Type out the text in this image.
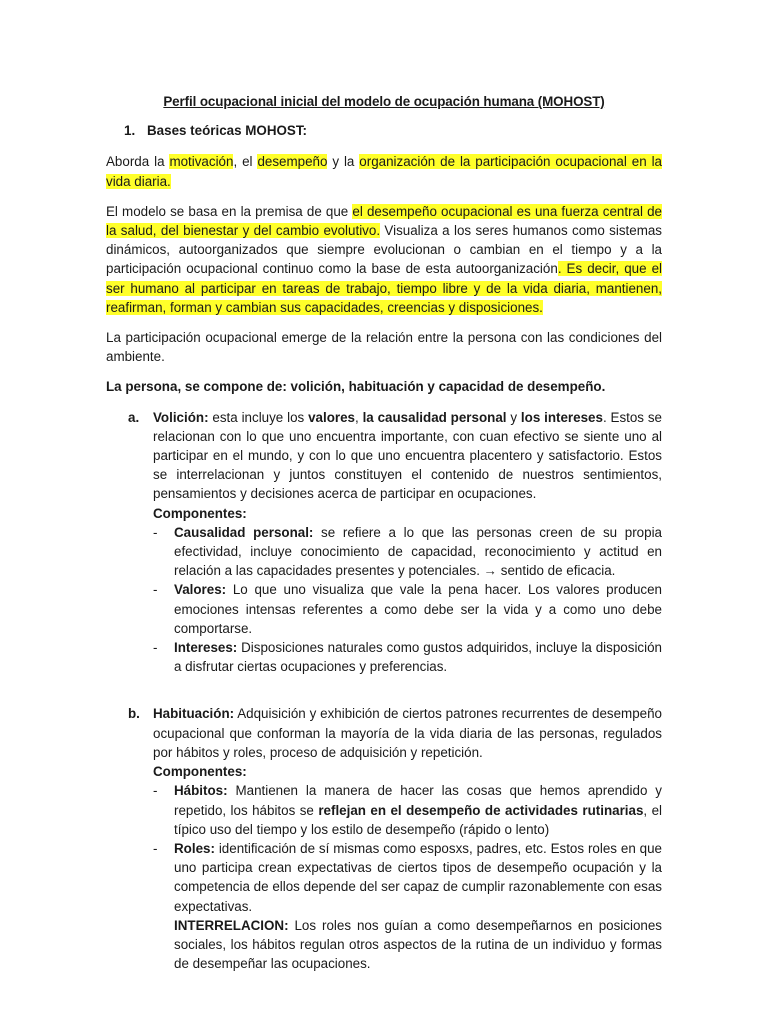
Perfil ocupacional inicial del modelo de ocupación humana (MOHOST)
1. Bases teóricas MOHOST:

Aborda la motivación, el desempeño y la organización de la participación ocupacional en la vida diaria.

El modelo se basa en la premisa de que el desempeño ocupacional es una fuerza central de la salud, del bienestar y del cambio evolutivo. Visualiza a los seres humanos como sistemas dinámicos, autoorganizados que siempre evolucionan o cambian en el tiempo y a la participación ocupacional continuo como la base de esta autoorganización. Es decir, que el ser humano al participar en tareas de trabajo, tiempo libre y de la vida diaria, mantienen, reafirman, forman y cambian sus capacidades, creencias y disposiciones.

La participación ocupacional emerge de la relación entre la persona con las condiciones del ambiente.

La persona, se compone de: volición, habituación y capacidad de desempeño.

a.	Volición: esta incluye los valores, la causalidad personal y los intereses. Estos se relacionan con lo que uno encuentra importante, con cuan efectivo se siente uno al participar en el mundo, y con lo que uno encuentra placentero y satisfactorio. Estos se interrelacionan y juntos constituyen el contenido de nuestros sentimientos, pensamientos y decisiones acerca de participar en ocupaciones.

Componentes:

-	Causalidad personal: se refiere a lo que las personas creen de su propia efectividad, incluye conocimiento de capacidad, reconocimiento y actitud en relación a las capacidades presentes y potenciales. → sentido de eficacia.
-	Valores: Lo que uno visualiza que vale la pena hacer. Los valores producen emociones intensas referentes a como debe ser la vida y a como uno debe comportarse.
-	Intereses: Disposiciones naturales como gustos adquiridos, incluye la disposición a disfrutar ciertas ocupaciones y preferencias.
b. Habituación: Adquisición y exhibición de ciertos patrones recurrentes de desempeño ocupacional que conforman la mayoría de la vida diaria de las personas, regulados por hábitos y roles, proceso de adquisición y repetición.

Componentes:

-	Hábitos: Mantienen la manera de hacer las cosas que hemos aprendido y repetido, los hábitos se reflejan en el desempeño de actividades rutinarias, el típico uso del tiempo y los estilo de desempeño (rápido o lento)
-	Roles: identificación de sí mismas como esposxs, padres, etc. Estos roles en que uno participa crean expectativas de ciertos tipos de desempeño ocupación y la competencia de ellos depende del ser capaz de cumplir razonablemente con esas expectativas.
INTERRELACION: Los roles nos guían a como desempeñarnos en posiciones sociales, los hábitos regulan otros aspectos de la rutina de un individuo y formas de desempeñar las ocupaciones.
